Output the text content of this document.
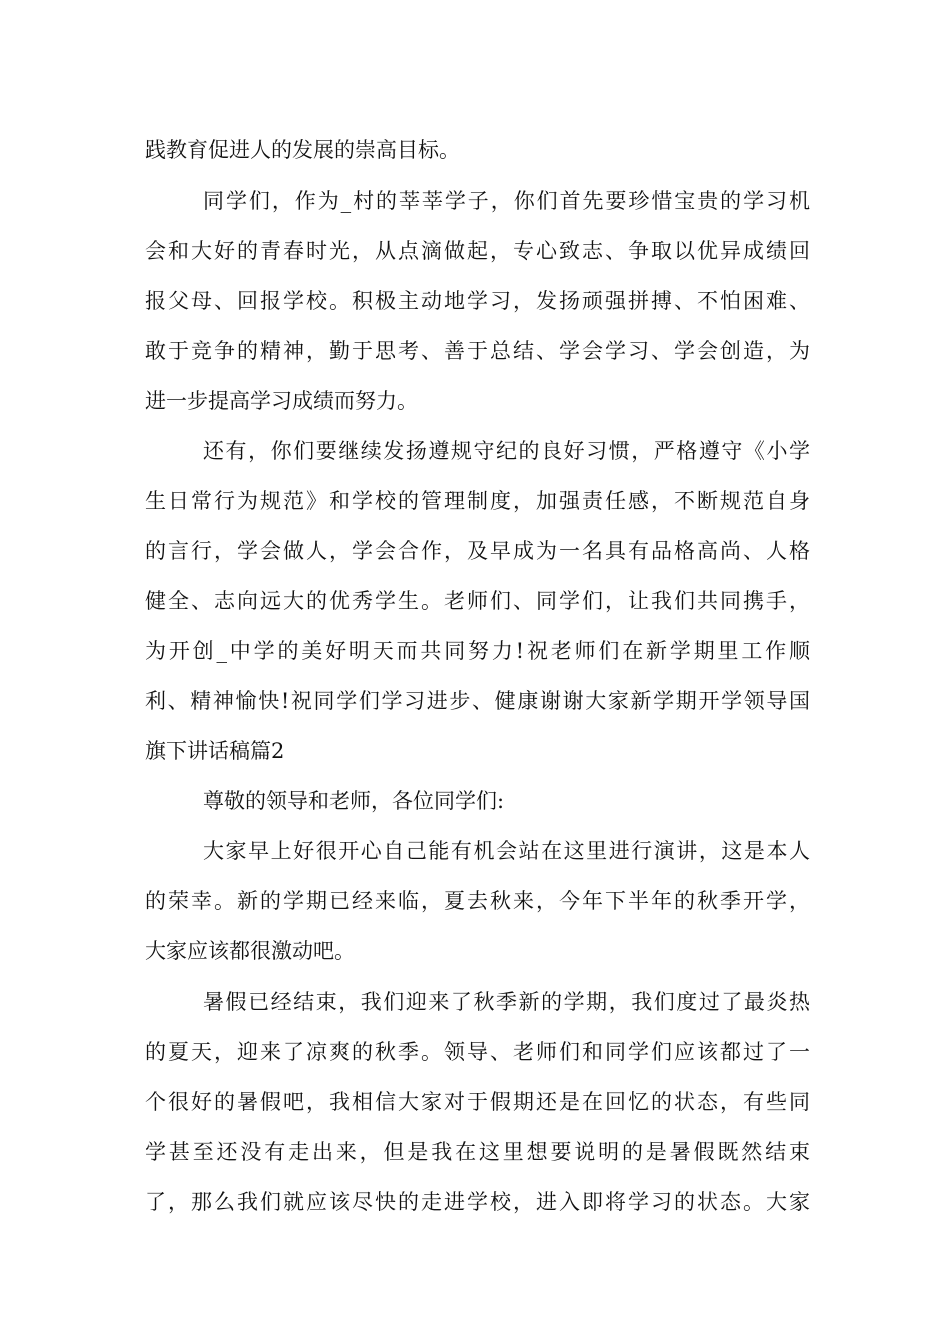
践教育促进人的发展的崇高目标。
同学们，作为_村的莘莘学子，你们首先要珍惜宝贵的学习机
会和大好的青春时光，从点滴做起，专心致志、争取以优异成绩回
报父母、回报学校。积极主动地学习，发扬顽强拼搏、不怕困难、
敢于竞争的精神，勤于思考、善于总结、学会学习、学会创造，为
进一步提高学习成绩而努力。
还有，你们要继续发扬遵规守纪的良好习惯，严格遵守《小学
生日常行为规范》和学校的管理制度，加强责任感，不断规范自身
的言行，学会做人，学会合作，及早成为一名具有品格高尚、人格
健全、志向远大的优秀学生。老师们、同学们，让我们共同携手，
为开创_中学的美好明天而共同努力!祝老师们在新学期里工作顺
利、精神愉快!祝同学们学习进步、健康谢谢大家新学期开学领导国
旗下讲话稿篇2
尊敬的领导和老师，各位同学们:
大家早上好很开心自己能有机会站在这里进行演讲，这是本人
的荣幸。新的学期已经来临，夏去秋来，今年下半年的秋季开学，
大家应该都很激动吧。
暑假已经结束，我们迎来了秋季新的学期，我们度过了最炎热
的夏天，迎来了凉爽的秋季。领导、老师们和同学们应该都过了一
个很好的暑假吧，我相信大家对于假期还是在回忆的状态，有些同
学甚至还没有走出来，但是我在这里想要说明的是暑假既然结束
了，那么我们就应该尽快的走进学校，进入即将学习的状态。大家
